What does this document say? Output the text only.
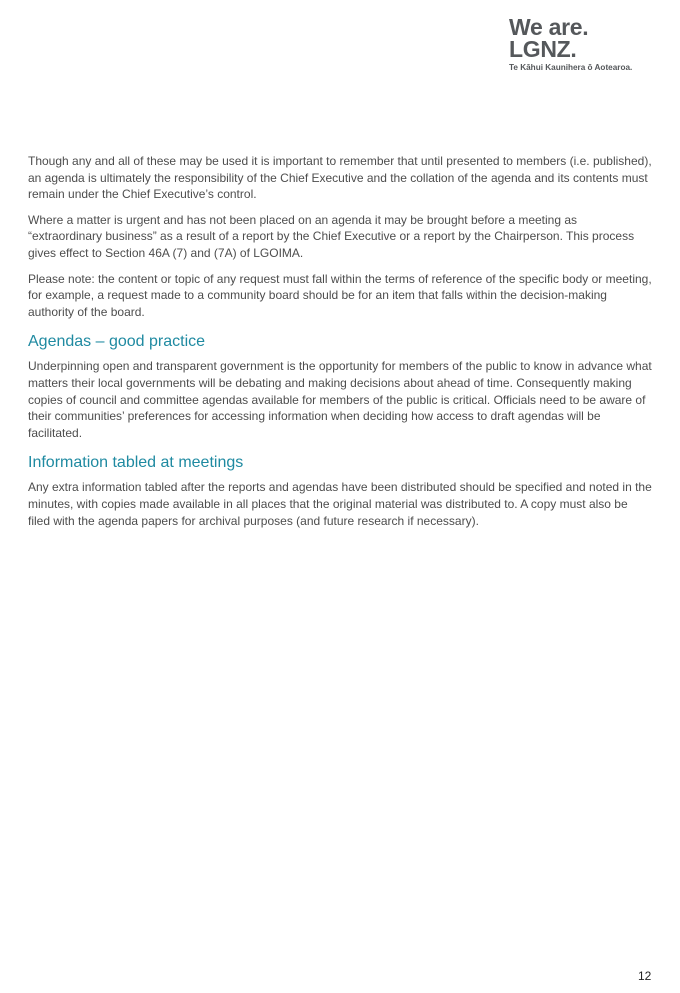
We are.
LGNZ.
Te Kāhui Kaunihera ō Aotearoa.

Though any and all of these may be used it is important to remember that until presented to members (i.e. published), an agenda is ultimately the responsibility of the Chief Executive and the collation of the agenda and its contents must remain under the Chief Executive’s control.

Where a matter is urgent and has not been placed on an agenda it may be brought before a meeting as “extraordinary business” as a result of a report by the Chief Executive or a report by the Chairperson. This process gives effect to Section 46A (7) and (7A) of LGOIMA.

Please note: the content or topic of any request must fall within the terms of reference of the specific body or meeting, for example, a request made to a community board should be for an item that falls within the decision-making authority of the board.

Agendas – good practice

Underpinning open and transparent government is the opportunity for members of the public to know in advance what matters their local governments will be debating and making decisions about ahead of time. Consequently making copies of council and committee agendas available for members of the public is critical. Officials need to be aware of their communities’ preferences for accessing information when deciding how access to draft agendas will be facilitated.

Information tabled at meetings

Any extra information tabled after the reports and agendas have been distributed should be specified and noted in the minutes, with copies made available in all places that the original material was distributed to. A copy must also be filed with the agenda papers for archival purposes (and future research if necessary).

12
